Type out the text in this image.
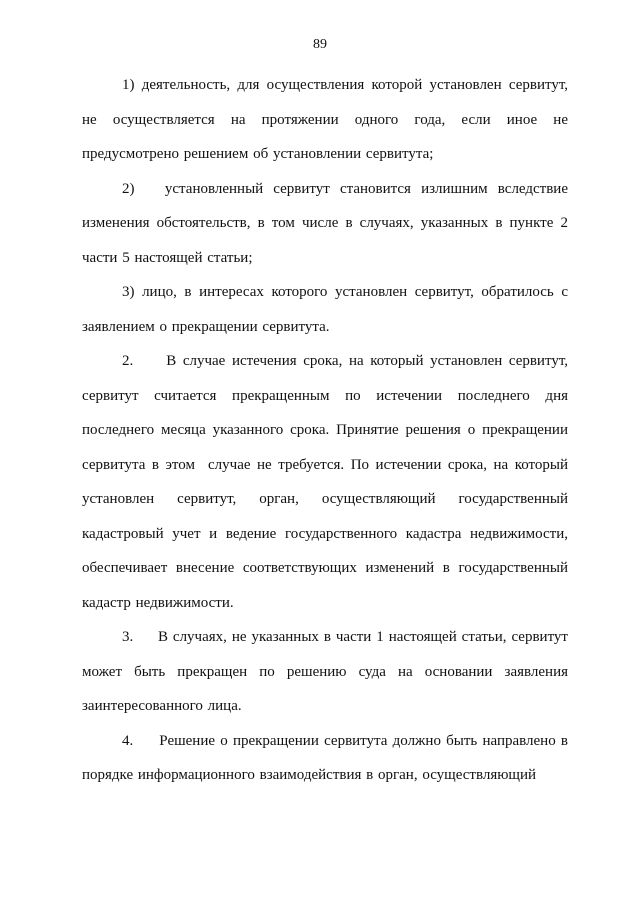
89

1) деятельность, для осуществления которой установлен сервитут, не осуществляется на протяжении одного года, если иное не предусмотрено решением об установлении сервитута;

2)   установленный сервитут становится излишним вследствие изменения обстоятельств, в том числе в случаях, указанных в пункте 2 части 5 настоящей статьи;

3) лицо, в интересах которого установлен сервитут, обратилось с заявлением о прекращении сервитута.

2.     В случае истечения срока, на который установлен сервитут, сервитут считается прекращенным по истечении последнего дня последнего месяца указанного срока. Принятие решения о прекращении сервитута в этом  случае не требуется. По истечении срока, на который установлен сервитут, орган, осуществляющий государственный кадастровый учет и ведение государственного кадастра недвижимости, обеспечивает внесение соответствующих изменений в государственный кадастр недвижимости.

3.     В случаях, не указанных в части 1 настоящей статьи, сервитут может быть прекращен по решению суда на основании заявления заинтересованного лица.

4.     Решение о прекращении сервитута должно быть направлено в порядке информационного взаимодействия в орган, осуществляющий
